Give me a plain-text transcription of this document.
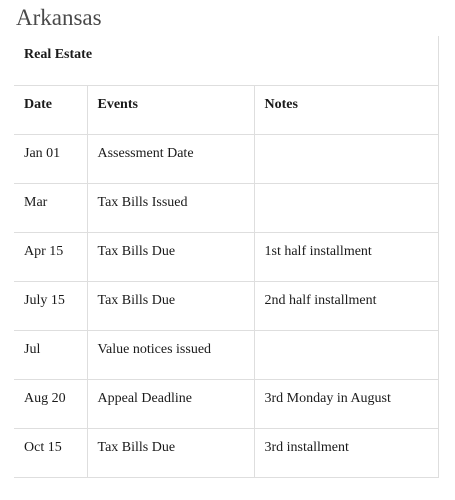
Arkansas
Real Estate		

Date	Events	Notes

Jan 01	Assessment Date	

Mar	Tax Bills Issued	

Apr 15	Tax Bills Due	1st half installment

July 15	Tax Bills Due	2nd half installment

Jul	Value notices issued	

Aug 20	Appeal Deadline	3rd Monday in August

Oct 15	Tax Bills Due	3rd installment
